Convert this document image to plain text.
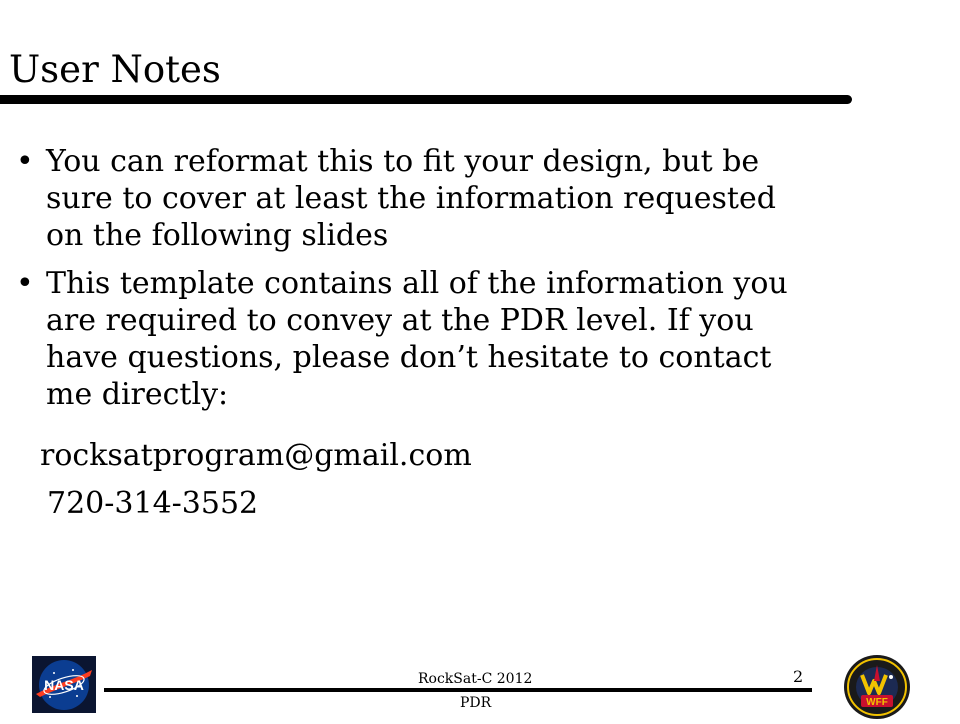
User Notes
• You can reformat this to fit your design, but be sure to cover at least the information requested on the following slides
• This template contains all of the information you are required to convey at the PDR level. If you have questions, please don’t hesitate to contact me directly:
rocksatprogram@gmail.com
720-314-3552
NASA	RockSat-C 2012
PDR
2
WFF
